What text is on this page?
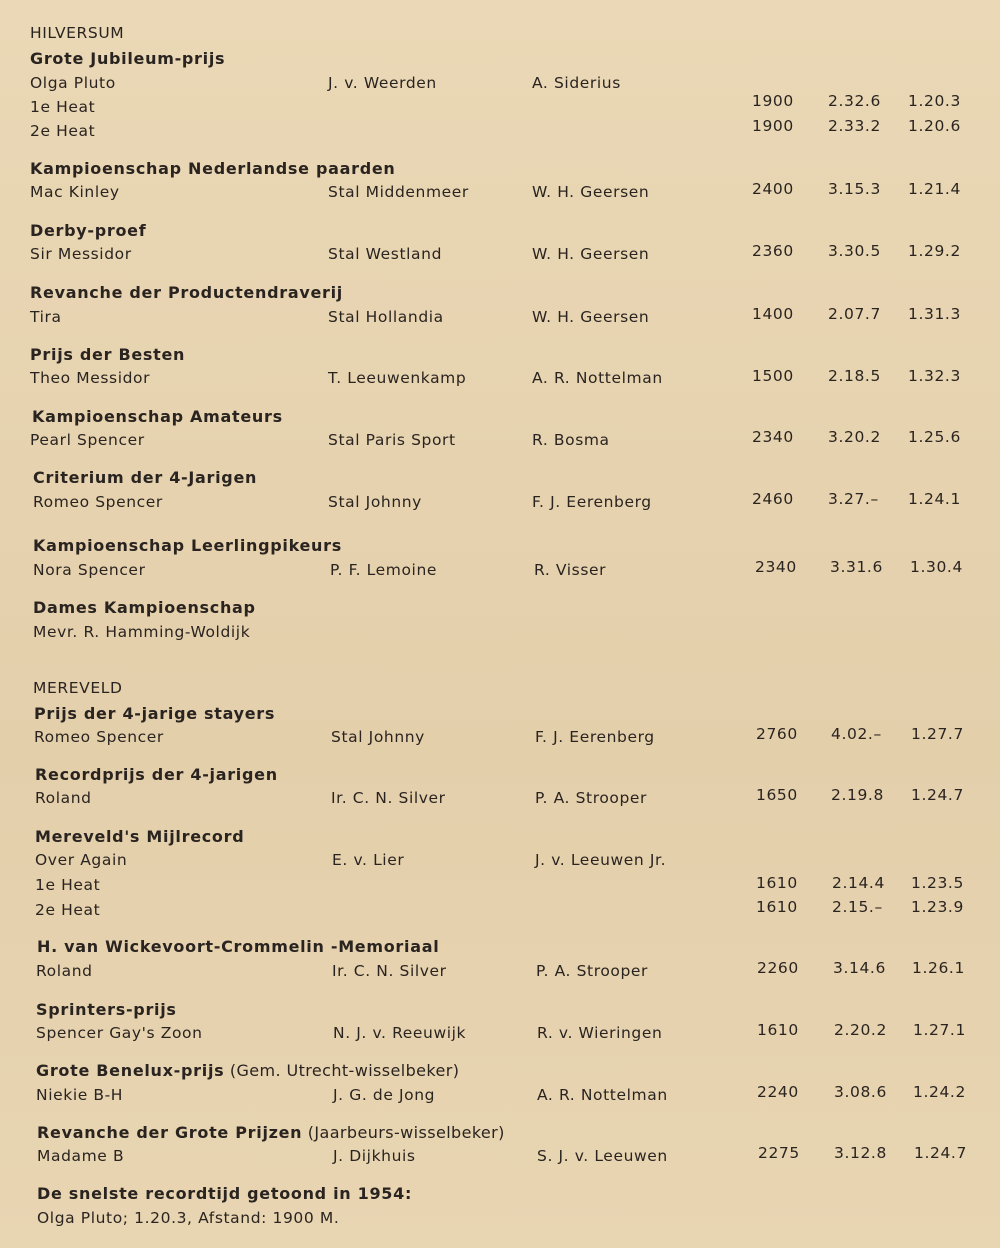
HILVERSUM
Grote Jubileum-prijs
Olga Pluto	J. v. Weerden	A. Siderius
1e Heat	1900 2.32.6 1.20.3
2e Heat	1900 2.33.2 1.20.6
Kampioenschap Nederlandse paarden
Mac Kinley	Stal Middenmeer	W. H. Geersen	2400 3.15.3 1.21.4
Derby-proef
Sir Messidor	Stal Westland	W. H. Geersen	2360 3.30.5 1.29.2
Revanche der Productendraverij
Tira	Stal Hollandia	W. H. Geersen	1400 2.07.7 1.31.3
Prijs der Besten
Theo Messidor	T. Leeuwenkamp	A. R. Nottelman	1500 2.18.5 1.32.3
Kampioenschap Amateurs
Pearl Spencer	Stal Paris Sport	R. Bosma	2340 3.20.2 1.25.6
Criterium der 4-Jarigen
Romeo Spencer	Stal Johnny	F. J. Eerenberg	2460 3.27.– 1.24.1
Kampioenschap Leerlingpikeurs
Nora Spencer	P. F. Lemoine	R. Visser	2340 3.31.6 1.30.4
Dames Kampioenschap
Mevr. R. Hamming-Woldijk
MEREVELD
Prijs der 4-jarige stayers
Romeo Spencer	Stal Johnny	F. J. Eerenberg	2760 4.02.– 1.27.7
Recordprijs der 4-jarigen
Roland	Ir. C. N. Silver	P. A. Strooper	1650 2.19.8 1.24.7
Mereveld's Mijlrecord
Over Again	E. v. Lier	J. v. Leeuwen Jr.
1e Heat	1610 2.14.4 1.23.5
2e Heat	1610 2.15.– 1.23.9
H. van Wickevoort-Crommelin -Memoriaal
Roland	Ir. C. N. Silver	P. A. Strooper	2260 3.14.6 1.26.1
Sprinters-prijs
Spencer Gay's Zoon	N. J. v. Reeuwijk	R. v. Wieringen	1610 2.20.2 1.27.1
Grote Benelux-prijs (Gem. Utrecht-wisselbeker)
Niekie B-H	J. G. de Jong	A. R. Nottelman	2240 3.08.6 1.24.2
Revanche der Grote Prijzen (Jaarbeurs-wisselbeker)
Madame B	J. Dijkhuis	S. J. v. Leeuwen	2275 3.12.8 1.24.7
De snelste recordtijd getoond in 1954:
Olga Pluto; 1.20.3, Afstand: 1900 M.
